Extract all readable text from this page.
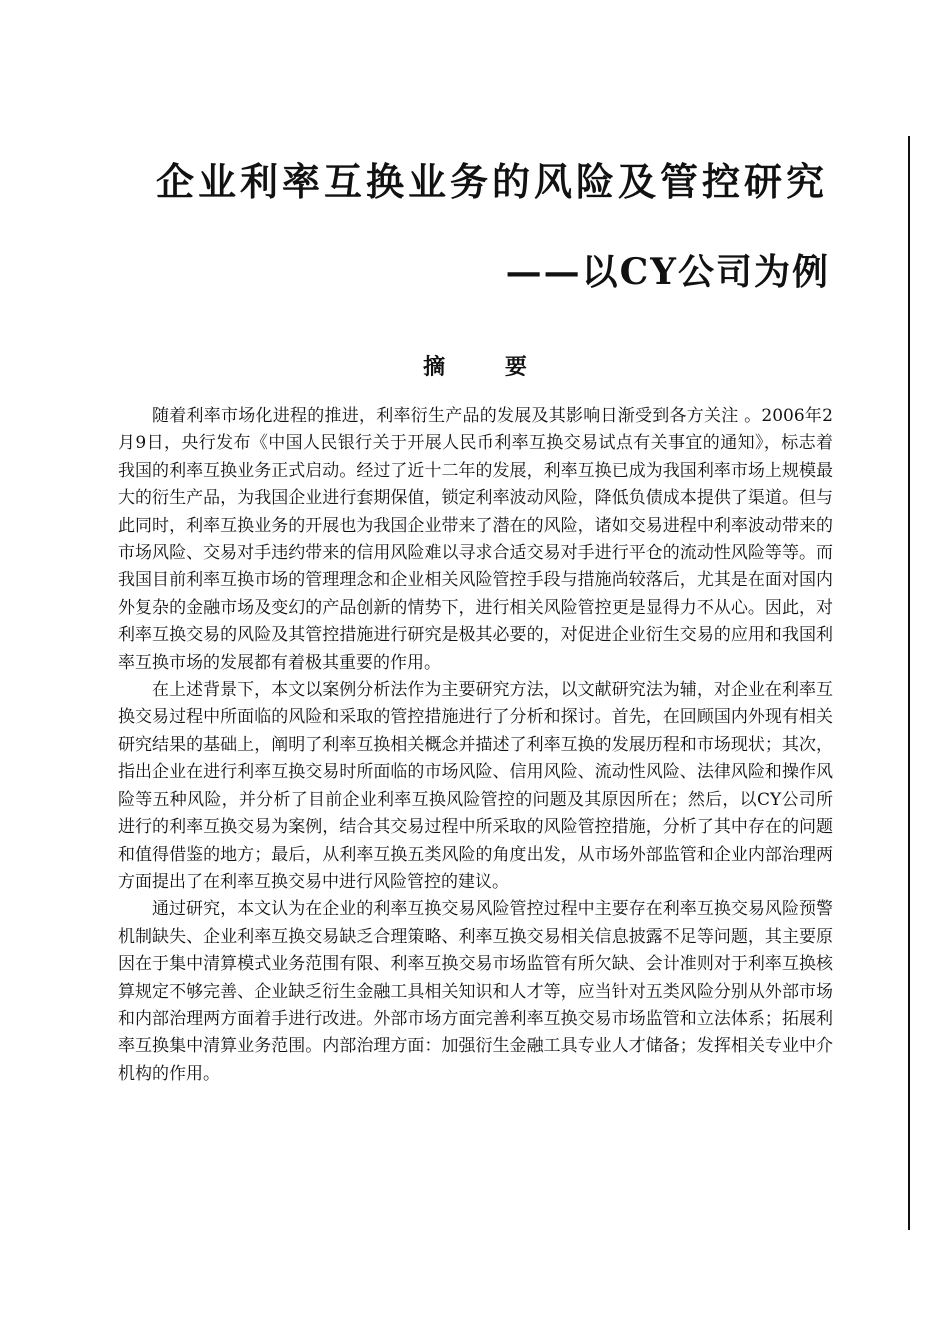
企业利率互换业务的风险及管控研究
——以CY公司为例
摘 要

随着利率市场化进程的推进，利率衍生产品的发展及其影响日渐受到各方关注 。2006年2月9日，央行发布《中国人民银行关于开展人民币利率互换交易试点有关事宜的通知》，标志着我国的利率互换业务正式启动。经过了近十二年的发展，利率互换已成为我国利率市场上规模最大的衍生产品，为我国企业进行套期保值，锁定利率波动风险，降低负债成本提供了渠道。但与此同时，利率互换业务的开展也为我国企业带来了潜在的风险，诸如交易进程中利率波动带来的市场风险、交易对手违约带来的信用风险难以寻求合适交易对手进行平仓的流动性风险等等。而我国目前利率互换市场的管理理念和企业相关风险管控手段与措施尚较落后，尤其是在面对国内外复杂的金融市场及变幻的产品创新的情势下，进行相关风险管控更是显得力不从心。因此，对利率互换交易的风险及其管控措施进行研究是极其必要的，对促进企业衍生交易的应用和我国利率互换市场的发展都有着极其重要的作用。

在上述背景下，本文以案例分析法作为主要研究方法，以文献研究法为辅，对企业在利率互换交易过程中所面临的风险和采取的管控措施进行了分析和探讨。首先，在回顾国内外现有相关研究结果的基础上，阐明了利率互换相关概念并描述了利率互换的发展历程和市场现状；其次，指出企业在进行利率互换交易时所面临的市场风险、信用风险、流动性风险、法律风险和操作风险等五种风险，并分析了目前企业利率互换风险管控的问题及其原因所在；然后，以CY公司所进行的利率互换交易为案例，结合其交易过程中所采取的风险管控措施，分析了其中存在的问题和值得借鉴的地方；最后，从利率互换五类风险的角度出发，从市场外部监管和企业内部治理两方面提出了在利率互换交易中进行风险管控的建议。

通过研究，本文认为在企业的利率互换交易风险管控过程中主要存在利率互换交易风险预警机制缺失、企业利率互换交易缺乏合理策略、利率互换交易相关信息披露不足等问题，其主要原因在于集中清算模式业务范围有限、利率互换交易市场监管有所欠缺、会计准则对于利率互换核算规定不够完善、企业缺乏衍生金融工具相关知识和人才等，应当针对五类风险分别从外部市场和内部治理两方面着手进行改进。外部市场方面完善利率互换交易市场监管和立法体系；拓展利率互换集中清算业务范围。内部治理方面：加强衍生金融工具专业人才储备；发挥相关专业中介机构的作用。
